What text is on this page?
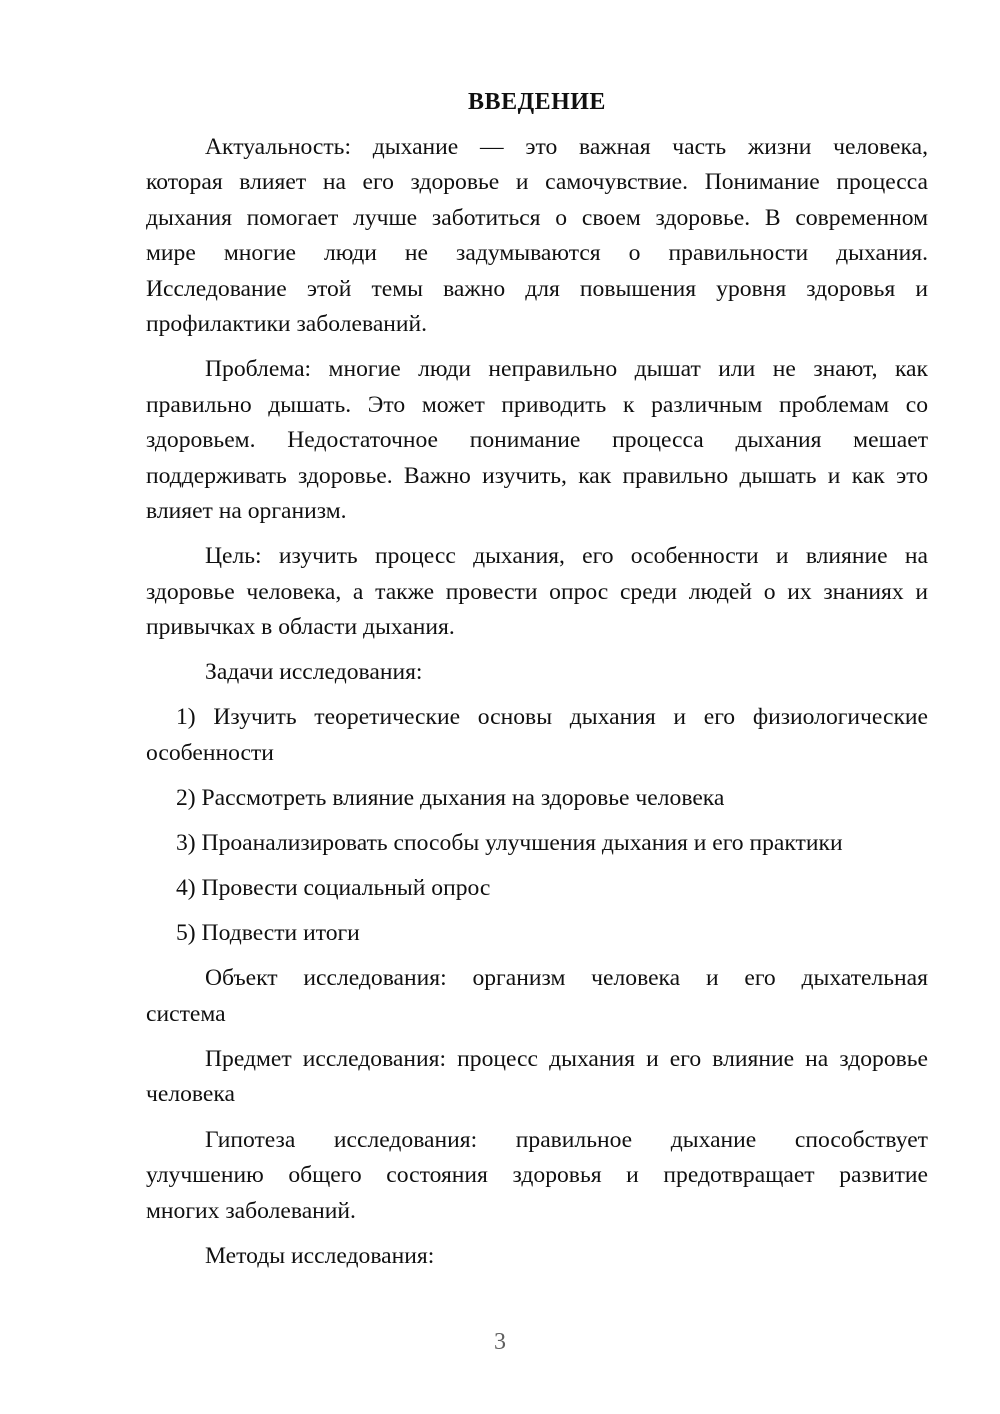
ВВЕДЕНИЕ
Актуальность: дыхание — это важная часть жизни человека,
которая влияет на его здоровье и самочувствие. Понимание процесса
дыхания помогает лучше заботиться о своем здоровье. В современном
мире многие люди не задумываются о правильности дыхания.
Исследование этой темы важно для повышения уровня здоровья и
профилактики заболеваний.
Проблема: многие люди неправильно дышат или не знают, как
правильно дышать. Это может приводить к различным проблемам со
здоровьем. Недостаточное понимание процесса дыхания мешает
поддерживать здоровье. Важно изучить, как правильно дышать и как это
влияет на организм.
Цель: изучить процесс дыхания, его особенности и влияние на
здоровье человека, а также провести опрос среди людей о их знаниях и
привычках в области дыхания.
Задачи исследования:
1) Изучить теоретические основы дыхания и его физиологические
особенности
2) Рассмотреть влияние дыхания на здоровье человека
3) Проанализировать способы улучшения дыхания и его практики
4) Провести социальный опрос
5) Подвести итоги
Объект исследования: организм человека и его дыхательная
система
Предмет исследования: процесс дыхания и его влияние на здоровье
человека
Гипотеза исследования: правильное дыхание способствует
улучшению общего состояния здоровья и предотвращает развитие
многих заболеваний.
Методы исследования:
3
